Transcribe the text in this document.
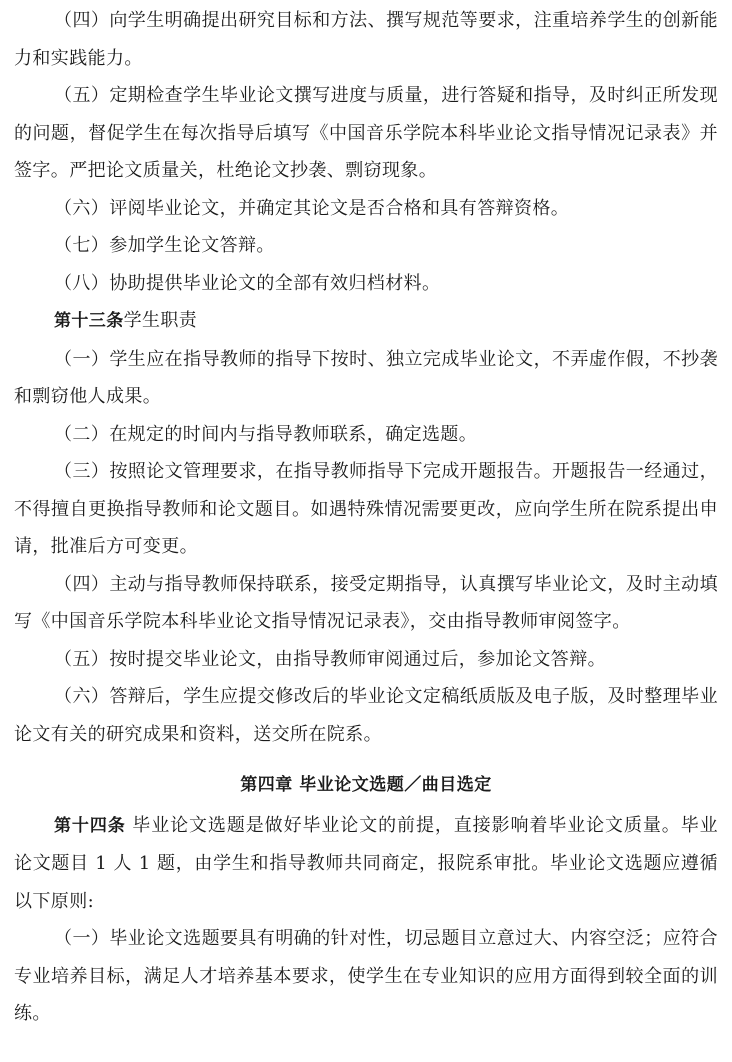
（四）向学生明确提出研究目标和方法、撰写规范等要求，注重培养学生的创新能力和实践能力。

（五）定期检查学生毕业论文撰写进度与质量，进行答疑和指导，及时纠正所发现的问题，督促学生在每次指导后填写《中国音乐学院本科毕业论文指导情况记录表》并签字。严把论文质量关，杜绝论文抄袭、剽窃现象。

（六）评阅毕业论文，并确定其论文是否合格和具有答辩资格。

（七）参加学生论文答辩。

（八）协助提供毕业论文的全部有效归档材料。

第十三条学生职责

（一）学生应在指导教师的指导下按时、独立完成毕业论文，不弄虚作假，不抄袭和剽窃他人成果。

（二）在规定的时间内与指导教师联系，确定选题。

（三）按照论文管理要求，在指导教师指导下完成开题报告。开题报告一经通过，不得擅自更换指导教师和论文题目。如遇特殊情况需要更改，应向学生所在院系提出申请，批准后方可变更。

（四）主动与指导教师保持联系，接受定期指导，认真撰写毕业论文，及时主动填写《中国音乐学院本科毕业论文指导情况记录表》，交由指导教师审阅签字。

（五）按时提交毕业论文，由指导教师审阅通过后，参加论文答辩。

（六）答辩后，学生应提交修改后的毕业论文定稿纸质版及电子版，及时整理毕业论文有关的研究成果和资料，送交所在院系。

第四章 毕业论文选题／曲目选定

第十四条 毕业论文选题是做好毕业论文的前提，直接影响着毕业论文质量。毕业论文题目 1 人 1 题，由学生和指导教师共同商定，报院系审批。毕业论文选题应遵循以下原则:

（一）毕业论文选题要具有明确的针对性，切忌题目立意过大、内容空泛；应符合专业培养目标，满足人才培养基本要求，使学生在专业知识的应用方面得到较全面的训练。
